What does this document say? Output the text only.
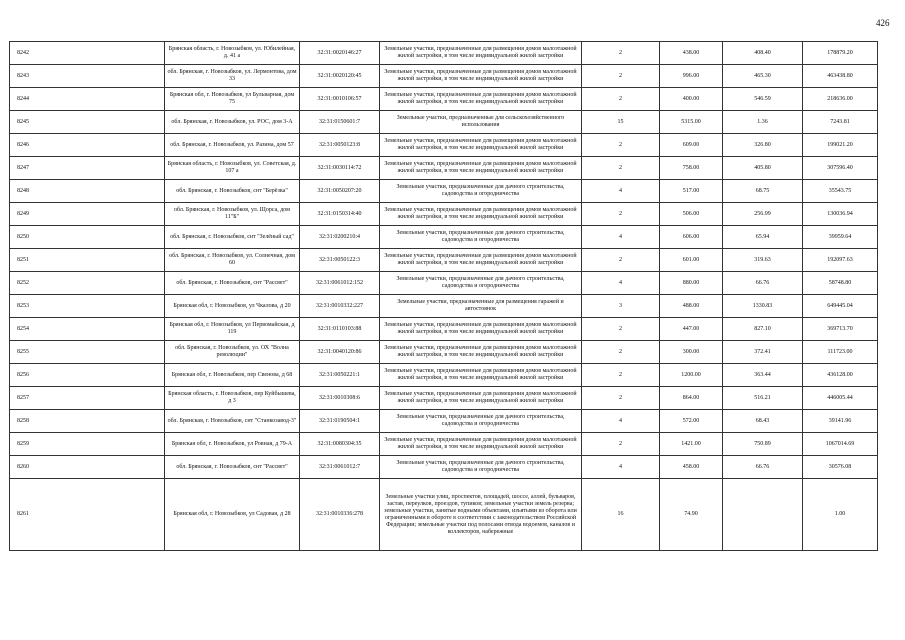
426
8242	Брянская область, г. Новозыбков, ул. Юбилейная, д. 41 а	32:31:0020146:27	Земельные участки, предназначенные для размещения домов малоэтажной жилой застройки, в том числе индивидуальной жилой застройки	2	438.00	408.40	178879.20
8243	обл. Брянская, г. Новозыбков, ул. Лермонтова, дом 33	32:31:0020120:45	Земельные участки, предназначенные для размещения домов малоэтажной жилой застройки, в том числе индивидуальной жилой застройки	2	996.00	465.30	463438.80
8244	Брянская обл, г. Новозыбков, ул Бульварная, дом 75	32:31:0010106:57	Земельные участки, предназначенные для размещения домов малоэтажной жилой застройки, в том числе индивидуальной жилой застройки	2	400.00	546.59	218636.00
8245	обл. Брянская, г. Новозыбков, ул. РОС, дом 3-А	32:31:0150601:7	Земельные участки, предназначенные для сельскохозяйственного использования	15	5315.00	1.36	7243.81
8246	обл. Брянская, г. Новозыбков, ул. Разина, дом 57	32:31:0050123:8	Земельные участки, предназначенные для размещения домов малоэтажной жилой застройки, в том числе индивидуальной жилой застройки	2	609.00	326.80	199021.20
8247	Брянская область, г. Новозыбков, ул. Советская, д. 107 а	32:31:0030114:72	Земельные участки, предназначенные для размещения домов малоэтажной жилой застройки, в том числе индивидуальной жилой застройки	2	758.00	405.80	307596.40
8248	обл. Брянская, г. Новозыбков, снт "Берёзка"	32:31:0050207:20	Земельные участки, предназначенные для дачного строительства, садоводства и огородничества	4	517.00	68.75	35543.75
8249	обл. Брянская, г. Новозыбков, ул. Щорса, дом 11"Б"	32:31:0150314:40	Земельные участки, предназначенные для размещения домов малоэтажной жилой застройки, в том числе индивидуальной жилой застройки	2	506.00	256.99	130036.94
8250	обл. Брянская, г. Новозыбков, снт "Зелёный сад"	32:31:0200210:4	Земельные участки, предназначенные для дачного строительства, садоводства и огородничества	4	606.00	65.94	39959.64
8251	обл. Брянская, г. Новозыбков, ул. Солнечная, дом 60	32:31:0050122:3	Земельные участки, предназначенные для размещения домов малоэтажной жилой застройки, в том числе индивидуальной жилой застройки	2	601.00	319.63	192097.63
8252	обл. Брянская, г. Новозыбков, снт "Рассвет"	32:31:0061012:152	Земельные участки, предназначенные для дачного строительства, садоводства и огородничества	4	880.00	66.76	58748.80
8253	Брянская обл, г. Новозыбков, ул Чкалова, д 20	32:31:0010332:227	Земельные участки, предназначенные для размещения гаражей и автостоянок	3	488.00	1330.83	649445.04
8254	Брянская обл, г. Новозыбков, ул Первомайская, д 119	32:31:0110103:88	Земельные участки, предназначенные для размещения домов малоэтажной жилой застройки, в том числе индивидуальной жилой застройки	2	447.00	827.10	369713.70
8255	обл. Брянская, г. Новозыбков, ул. ОХ "Волна революции"	32:31:0040120:86	Земельные участки, предназначенные для размещения домов малоэтажной жилой застройки, в том числе индивидуальной жилой застройки	2	300.00	372.41	111723.00
8256	Брянская обл, г. Новозыбков, пер Свенова, д 68	32:31:0050221:1	Земельные участки, предназначенные для размещения домов малоэтажной жилой застройки, в том числе индивидуальной жилой застройки	2	1200.00	363.44	436128.00
8257	Брянская область, г. Новозыбков, пер Куйбышева, д 3	32:31:0010308:6	Земельные участки, предназначенные для размещения домов малоэтажной жилой застройки, в том числе индивидуальной жилой застройки	2	864.00	516.21	446005.44
8258	обл. Брянская, г. Новозыбков, снт "Станкозавод-3"	32:31:0190504:1	Земельные участки, предназначенные для дачного строительства, садоводства и огородничества	4	572.00	68.43	39141.96
8259	Брянская обл, г. Новозыбков, ул Ровная, д 79-А	32:31:0080304:35	Земельные участки, предназначенные для размещения домов малоэтажной жилой застройки, в том числе индивидуальной жилой застройки	2	1421.00	750.89	1067014.69
8260	обл. Брянская, г. Новозыбков, снт "Рассвет"	32:31:0061012:7	Земельные участки, предназначенные для дачного строительства, садоводства и огородничества	4	458.00	66.76	30576.08
8261	Брянская обл, г. Новозыбков, ул Садовая, д 28	32:31:0010336:278	Земельные участки улиц, проспектов, площадей, шоссе, аллей, бульваров, застав, переулков, проездов, тупиков; земельные участки земель резерва; земельные участки, занятые водными объектами, изъятыми из оборота или ограниченными в обороте в соответствии с законодательством Российской Федерации; земельные участки под полосами отвода водоемов, каналов и коллекторов, набережные	16	74.90		1.00
